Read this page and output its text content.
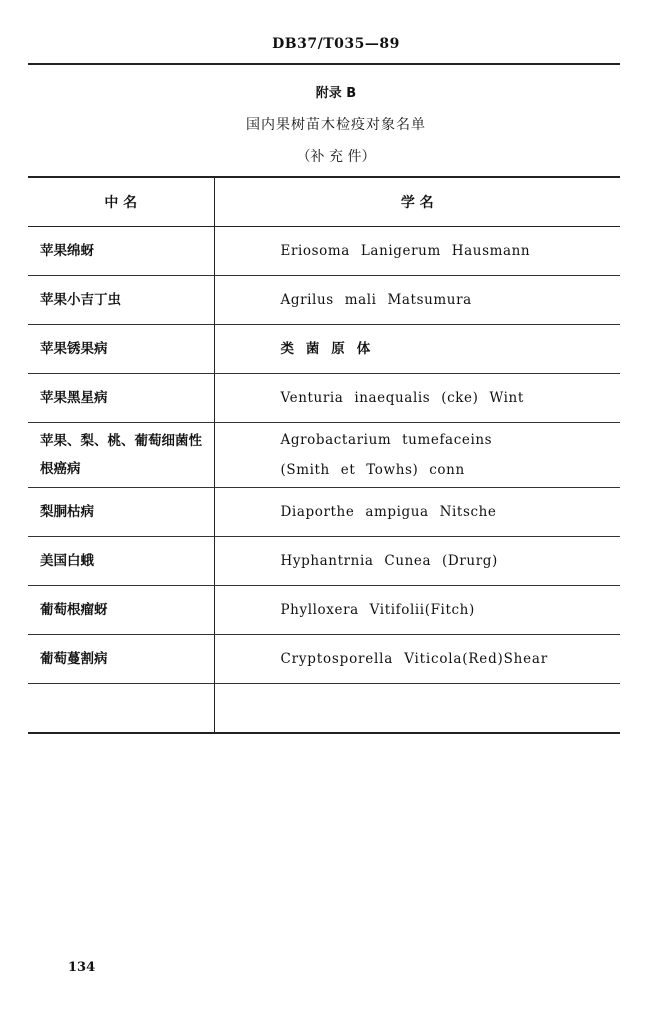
DB37/T035—89
附录 B
国内果树苗木检疫对象名单
（补 充 件）
中 名	学 名
苹果绵蚜	Eriosoma Lanigerum Hausmann
苹果小吉丁虫	Agrilus mali Matsumura
苹果锈果病	类 菌 原 体
苹果黑星病	Venturia inaequalis (cke) Wint
苹果、梨、桃、葡萄细菌性根癌病	Agrobactarium tumefaceins (Smith et Towhs) conn
梨胴枯病	Diaporthe ampigua Nitsche
美国白蛾	Hyphantrnia Cunea (Drurg)
葡萄根瘤蚜	Phylloxera Vitifolii(Fitch)
葡萄蔓割病	Cryptosporella Viticola(Red)Shear

134
